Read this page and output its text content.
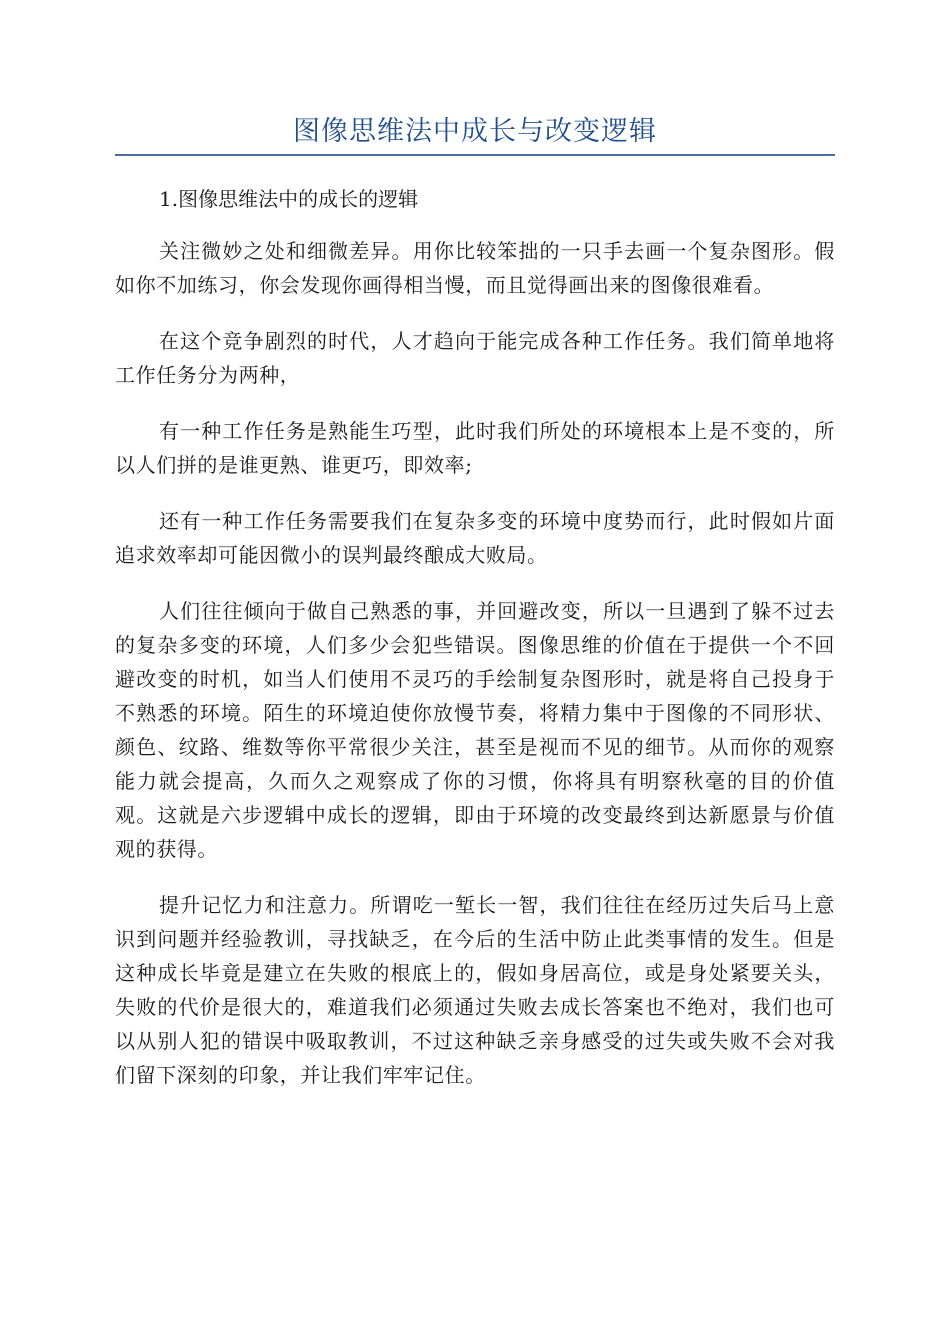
图像思维法中成长与改变逻辑

1.图像思维法中的成长的逻辑

关注微妙之处和细微差异。用你比较笨拙的一只手去画一个复杂图形。假如你不加练习，你会发现你画得相当慢，而且觉得画出来的图像很难看。

在这个竞争剧烈的时代，人才趋向于能完成各种工作任务。我们简单地将工作任务分为两种，

有一种工作任务是熟能生巧型，此时我们所处的环境根本上是不变的，所以人们拼的是谁更熟、谁更巧，即效率;

还有一种工作任务需要我们在复杂多变的环境中度势而行，此时假如片面追求效率却可能因微小的误判最终酿成大败局。

人们往往倾向于做自己熟悉的事，并回避改变，所以一旦遇到了躲不过去的复杂多变的环境，人们多少会犯些错误。图像思维的价值在于提供一个不回避改变的时机，如当人们使用不灵巧的手绘制复杂图形时，就是将自己投身于不熟悉的环境。陌生的环境迫使你放慢节奏，将精力集中于图像的不同形状、颜色、纹路、维数等你平常很少关注，甚至是视而不见的细节。从而你的观察能力就会提高，久而久之观察成了你的习惯，你将具有明察秋毫的目的价值观。这就是六步逻辑中成长的逻辑，即由于环境的改变最终到达新愿景与价值观的获得。

提升记忆力和注意力。所谓吃一堑长一智，我们往往在经历过失后马上意识到问题并经验教训，寻找缺乏，在今后的生活中防止此类事情的发生。但是这种成长毕竟是建立在失败的根底上的，假如身居高位，或是身处紧要关头，失败的代价是很大的，难道我们必须通过失败去成长答案也不绝对，我们也可以从别人犯的错误中吸取教训，不过这种缺乏亲身感受的过失或失败不会对我们留下深刻的印象，并让我们牢牢记住。
